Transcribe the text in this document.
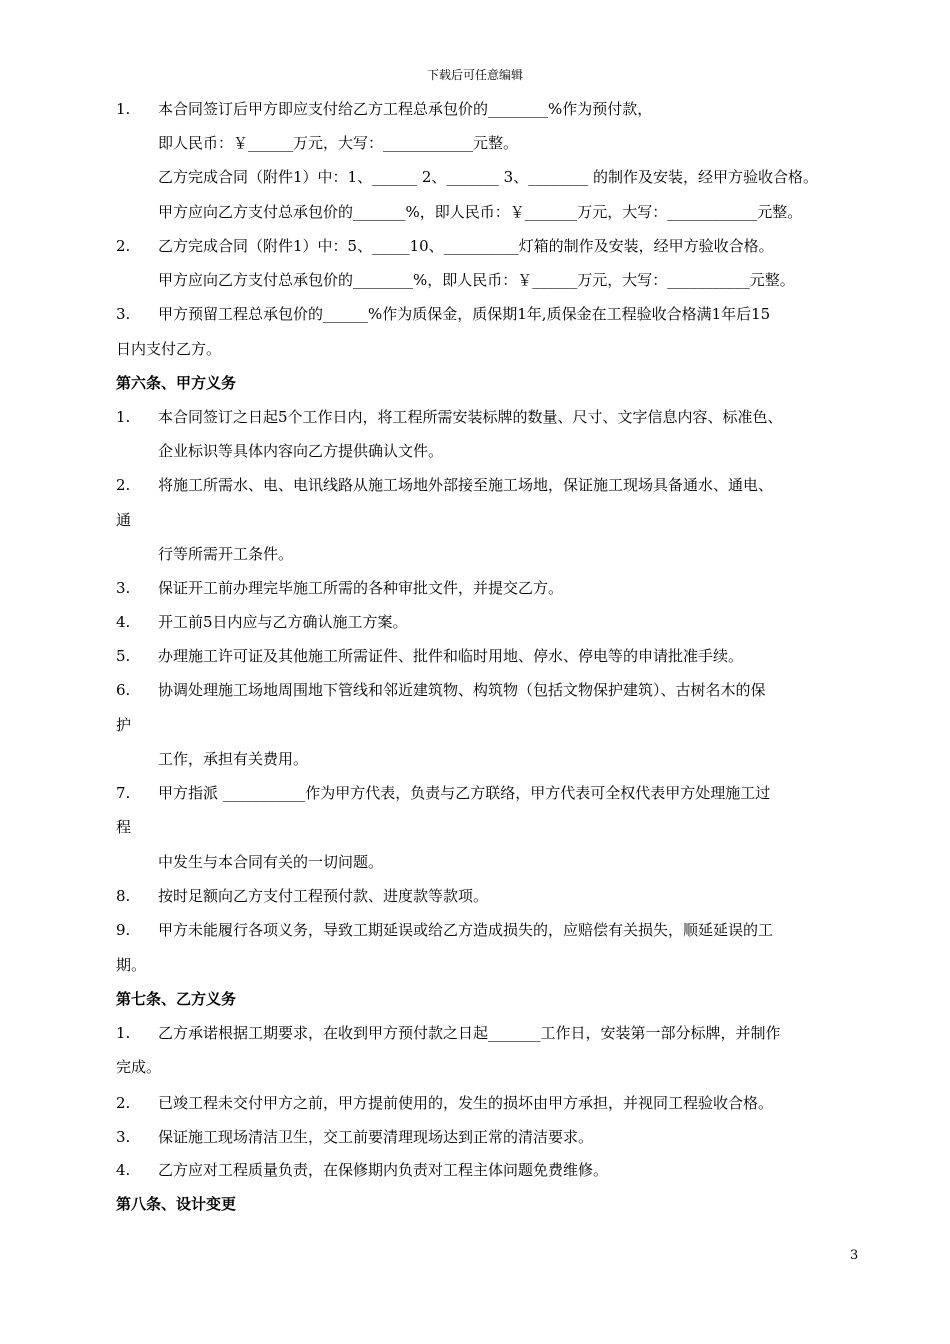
下载后可任意编辑
1. 本合同签订后甲方即应支付给乙方工程总承包价的________%作为预付款，
即人民币：￥______万元，大写：____________元整。
乙方完成合同（附件1）中：1、______ 2、_______ 3、________ 的制作及安装，经甲方验收合格。
甲方应向乙方支付总承包价的_______%，即人民币：￥_______万元，大写：____________元整。
2. 乙方完成合同（附件1）中：5、_____10、__________灯箱的制作及安装，经甲方验收合格。
甲方应向乙方支付总承包价的________%，即人民币：￥______万元，大写：___________元整。
3. 甲方预留工程总承包价的______%作为质保金，质保期1年,质保金在工程验收合格满1年后15
日内支付乙方。
第六条、甲方义务
1. 本合同签订之日起5个工作日内，将工程所需安装标牌的数量、尺寸、文字信息内容、标准色、
企业标识等具体内容向乙方提供确认文件。
2. 将施工所需水、电、电讯线路从施工场地外部接至施工场地，保证施工现场具备通水、通电、
通
行等所需开工条件。
3. 保证开工前办理完毕施工所需的各种审批文件，并提交乙方。
4. 开工前5日内应与乙方确认施工方案。
5. 办理施工许可证及其他施工所需证件、批件和临时用地、停水、停电等的申请批准手续。
6. 协调处理施工场地周围地下管线和邻近建筑物、构筑物（包括文物保护建筑）、古树名木的保
护
工作，承担有关费用。
7. 甲方指派 ___________作为甲方代表，负责与乙方联络，甲方代表可全权代表甲方处理施工过
程
中发生与本合同有关的一切问题。
8. 按时足额向乙方支付工程预付款、进度款等款项。
9. 甲方未能履行各项义务，导致工期延误或给乙方造成损失的，应赔偿有关损失，顺延延误的工
期。
第七条、乙方义务
1. 乙方承诺根据工期要求，在收到甲方预付款之日起_______工作日，安装第一部分标牌，并制作
完成。
2. 已竣工程未交付甲方之前，甲方提前使用的，发生的损坏由甲方承担，并视同工程验收合格。
3. 保证施工现场清洁卫生，交工前要清理现场达到正常的清洁要求。
4. 乙方应对工程质量负责，在保修期内负责对工程主体问题免费维修。
第八条、设计变更
3
